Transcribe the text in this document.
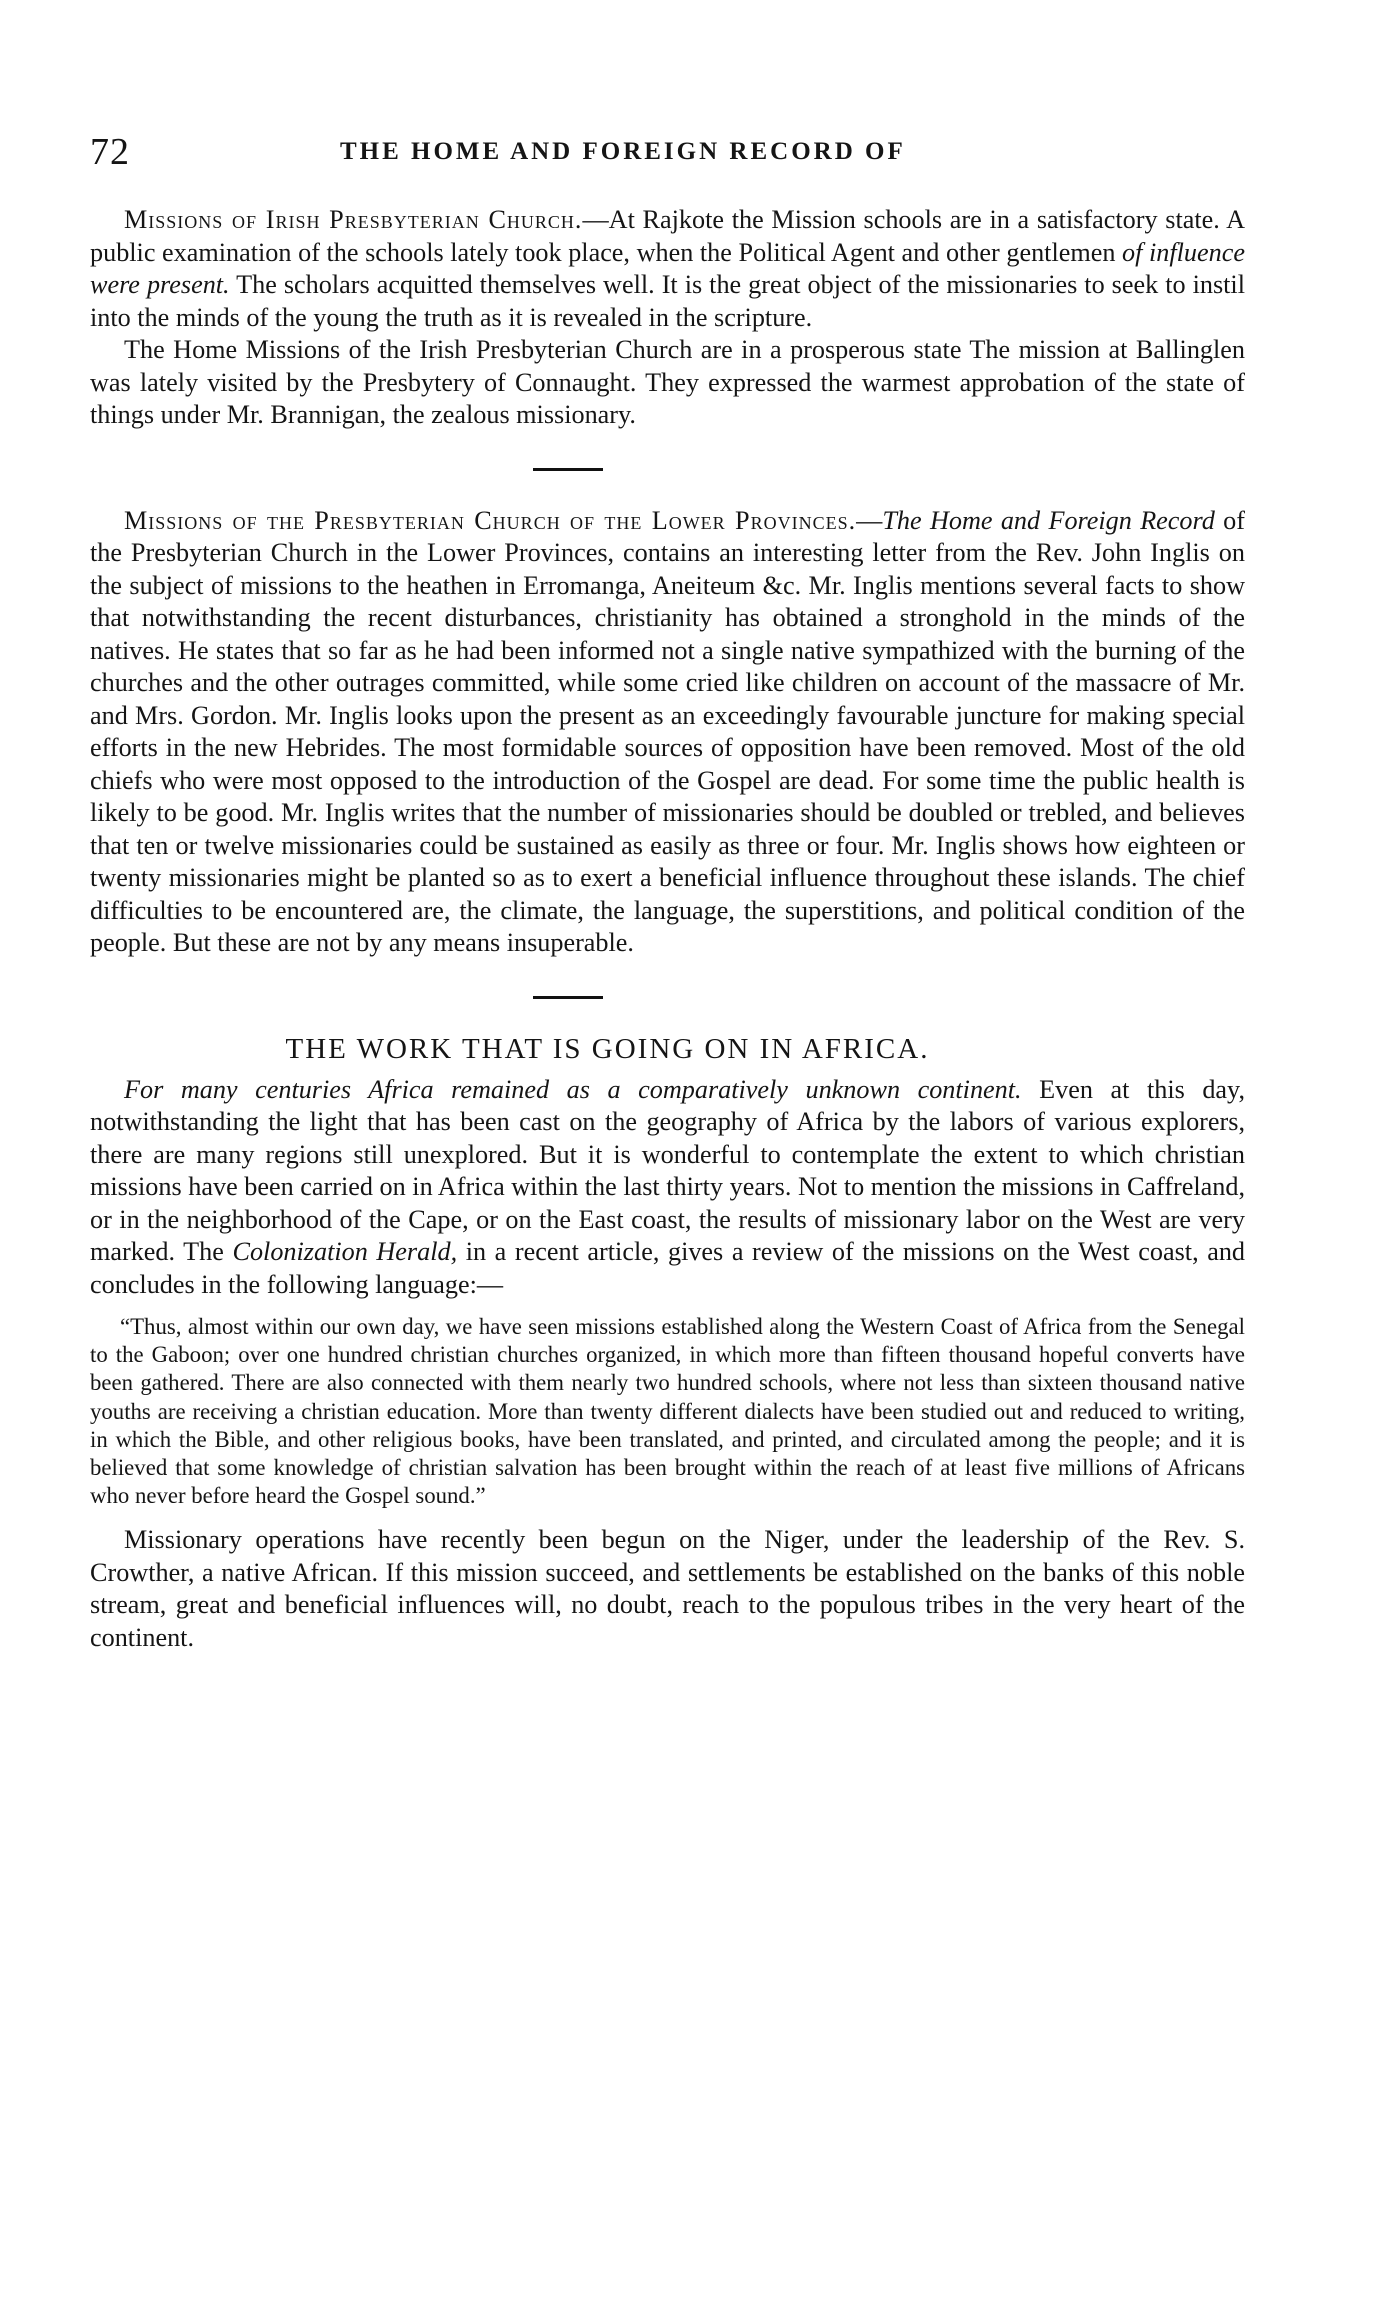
72	THE HOME AND FOREIGN RECORD OF

Missions of Irish Presbyterian Church.—At Rajkote the Mission schools are in a satisfactory state. A public examination of the schools lately took place, when the Political Agent and other gentlemen of influence were present. The scholars acquitted themselves well. It is the great object of the missionaries to seek to instil into the minds of the young the truth as it is revealed in the scripture.

The Home Missions of the Irish Presbyterian Church are in a prosperous state The mission at Ballinglen was lately visited by the Presbytery of Connaught. They expressed the warmest approbation of the state of things under Mr. Brannigan, the zealous missionary.

Missions of the Presbyterian Church of the Lower Provinces.—The Home and Foreign Record of the Presbyterian Church in the Lower Provinces, contains an interesting letter from the Rev. John Inglis on the subject of missions to the heathen in Erromanga, Aneiteum &c. Mr. Inglis mentions several facts to show that notwithstanding the recent disturbances, christianity has obtained a stronghold in the minds of the natives. He states that so far as he had been informed not a single native sympathized with the burning of the churches and the other outrages committed, while some cried like children on account of the massacre of Mr. and Mrs. Gordon. Mr. Inglis looks upon the present as an exceedingly favourable juncture for making special efforts in the new Hebrides. The most formidable sources of opposition have been removed. Most of the old chiefs who were most opposed to the introduction of the Gospel are dead. For some time the public health is likely to be good. Mr. Inglis writes that the number of missionaries should be doubled or trebled, and believes that ten or twelve missionaries could be sustained as easily as three or four. Mr. Inglis shows how eighteen or twenty missionaries might be planted so as to exert a beneficial influence throughout these islands. The chief difficulties to be encountered are, the climate, the language, the superstitions, and political condition of the people. But these are not by any means insuperable.

THE WORK THAT IS GOING ON IN AFRICA.

For many centuries Africa remained as a comparatively unknown continent. Even at this day, notwithstanding the light that has been cast on the geography of Africa by the labors of various explorers, there are many regions still unexplored. But it is wonderful to contemplate the extent to which christian missions have been carried on in Africa within the last thirty years. Not to mention the missions in Caffreland, or in the neighborhood of the Cape, or on the East coast, the results of missionary labor on the West are very marked. The Colonization Herald, in a recent article, gives a review of the missions on the West coast, and concludes in the following language:—

“Thus, almost within our own day, we have seen missions established along the Western Coast of Africa from the Senegal to the Gaboon; over one hundred christian churches organized, in which more than fifteen thousand hopeful converts have been gathered. There are also connected with them nearly two hundred schools, where not less than sixteen thousand native youths are receiving a christian education. More than twenty different dialects have been studied out and reduced to writing, in which the Bible, and other religious books, have been translated, and printed, and circulated among the people; and it is believed that some knowledge of christian salvation has been brought within the reach of at least five millions of Africans who never before heard the Gospel sound.”

Missionary operations have recently been begun on the Niger, under the leadership of the Rev. S. Crowther, a native African. If this mission succeed, and settlements be established on the banks of this noble stream, great and beneficial influences will, no doubt, reach to the populous tribes in the very heart of the continent.
